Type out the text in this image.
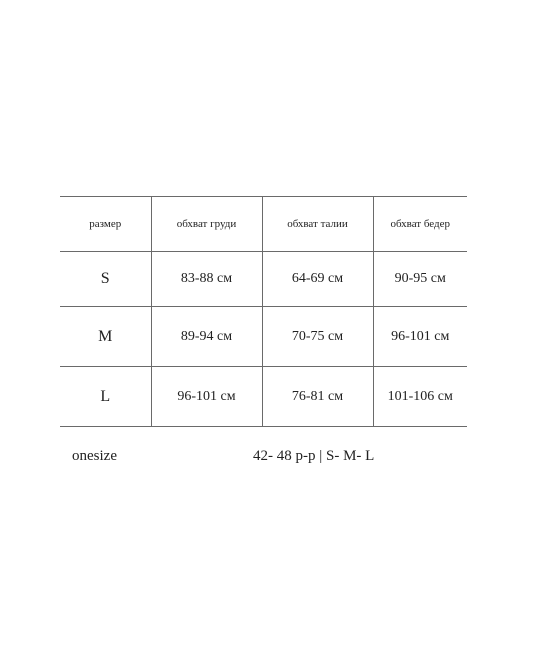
размер	обхват груди	обхват талии	обхват бедер
S	83-88 см	64-69 см	90-95 см
M	89-94 см	70-75 см	96-101 см
L	96-101 см	76-81 см	101-106 см
onesize	42- 48 р-р | S- M- L
